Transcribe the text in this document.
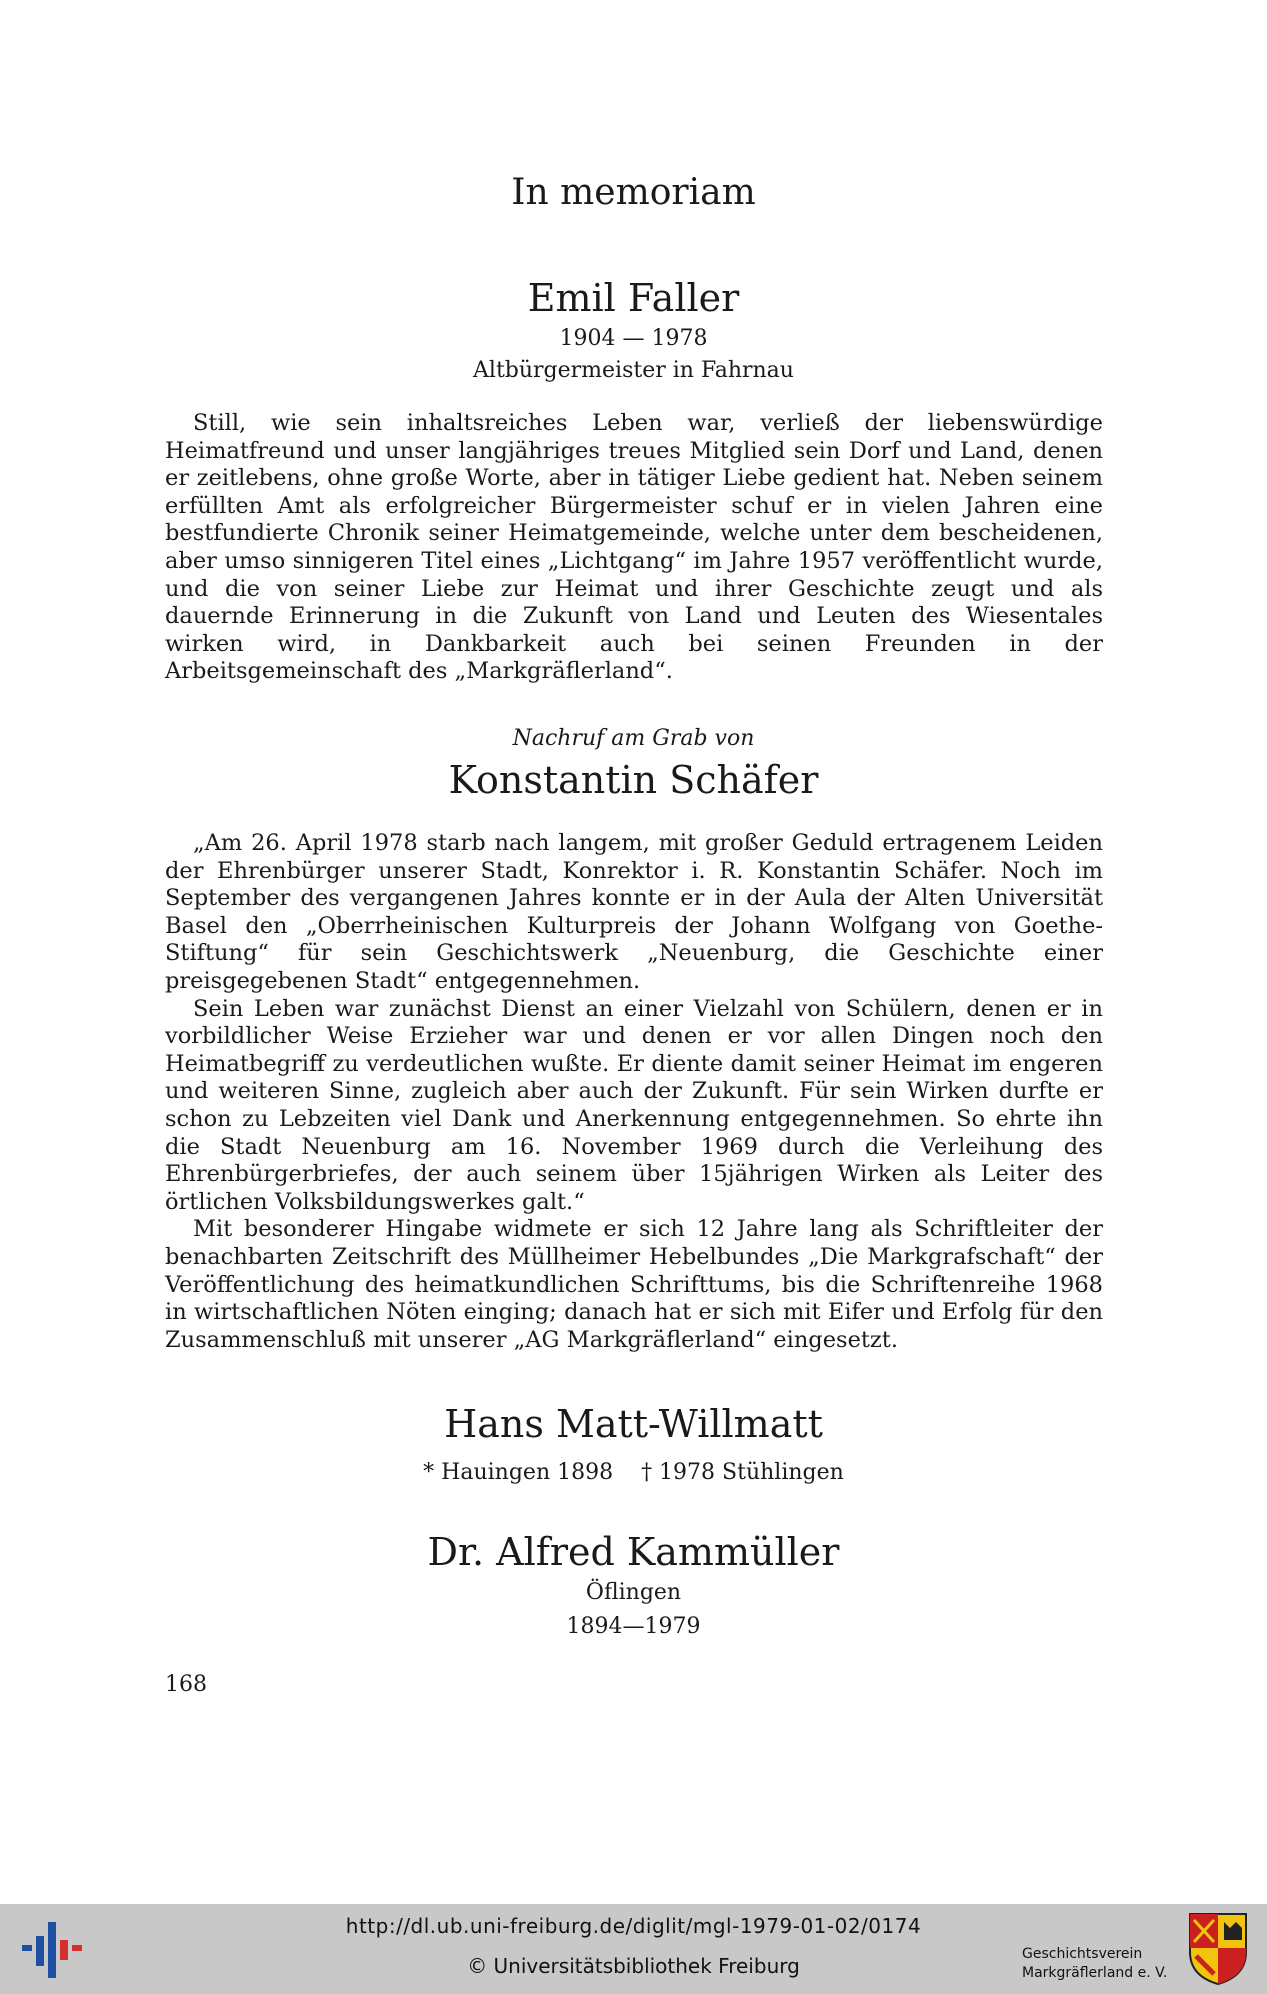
In memoriam
Emil Faller
1904 — 1978
Altbürgermeister in Fahrnau

Still, wie sein inhaltsreiches Leben war, verließ der liebenswürdige Heimatfreund und unser langjähriges treues Mitglied sein Dorf und Land, denen er zeitlebens, ohne große Worte, aber in tätiger Liebe gedient hat. Neben seinem erfüllten Amt als erfolgreicher Bürgermeister schuf er in vielen Jahren eine bestfundierte Chronik seiner Heimatgemeinde, welche unter dem bescheidenen, aber umso sinnigeren Titel eines „Lichtgang“ im Jahre 1957 veröffentlicht wurde, und die von seiner Liebe zur Heimat und ihrer Geschichte zeugt und als dauernde Erinnerung in die Zukunft von Land und Leuten des Wiesentales wirken wird, in Dankbarkeit auch bei seinen Freunden in der Arbeitsgemeinschaft des „Markgräflerland“.

Nachruf am Grab von
Konstantin Schäfer

„Am 26. April 1978 starb nach langem, mit großer Geduld ertragenem Leiden der Ehrenbürger unserer Stadt, Konrektor i. R. Konstantin Schäfer. Noch im September des vergangenen Jahres konnte er in der Aula der Alten Universität Basel den „Oberrheinischen Kulturpreis der Johann Wolfgang von Goethe-Stiftung“ für sein Geschichtswerk „Neuenburg, die Geschichte einer preisgegebenen Stadt“ entgegennehmen.

Sein Leben war zunächst Dienst an einer Vielzahl von Schülern, denen er in vorbildlicher Weise Erzieher war und denen er vor allen Dingen noch den Heimatbegriff zu verdeutlichen wußte. Er diente damit seiner Heimat im engeren und weiteren Sinne, zugleich aber auch der Zukunft. Für sein Wirken durfte er schon zu Lebzeiten viel Dank und Anerkennung entgegennehmen. So ehrte ihn die Stadt Neuenburg am 16. November 1969 durch die Verleihung des Ehrenbürgerbriefes, der auch seinem über 15jährigen Wirken als Leiter des örtlichen Volksbildungswerkes galt.“

Mit besonderer Hingabe widmete er sich 12 Jahre lang als Schriftleiter der benachbarten Zeitschrift des Müllheimer Hebelbundes „Die Markgrafschaft“ der Veröffentlichung des heimatkundlichen Schrifttums, bis die Schriftenreihe 1968 in wirtschaftlichen Nöten einging; danach hat er sich mit Eifer und Erfolg für den Zusammenschluß mit unserer „AG Markgräflerland“ eingesetzt.

Hans Matt-Willmatt
* Hauingen 1898    † 1978 Stühlingen
Dr. Alfred Kammüller
Öflingen
1894—1979
168
http://dl.ub.uni-freiburg.de/diglit/mgl-1979-01-02/0174
© Universitätsbibliothek Freiburg	Geschichtsverein
Markgräflerland e. V.
